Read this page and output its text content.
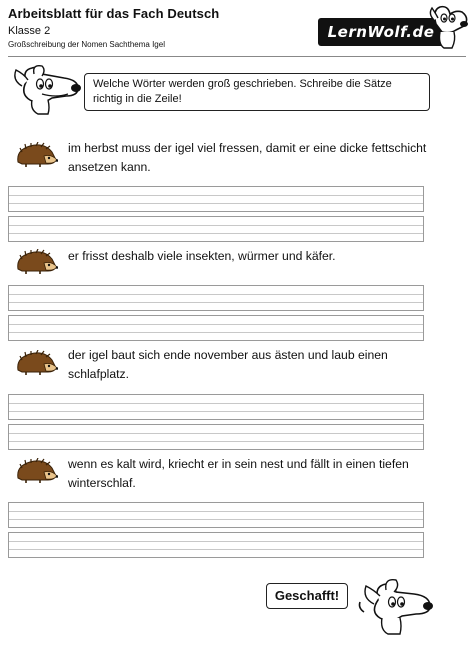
Arbeitsblatt für das Fach Deutsch
Klasse 2
Großschreibung der Nomen Sachthema Igel
LernWolf.de
Welche Wörter werden groß geschrieben. Schreibe die Sätze richtig in die Zeile!
im herbst muss der igel viel fressen, damit er eine dicke fettschicht ansetzen kann.
er frisst deshalb viele insekten, würmer und käfer.
der igel baut sich ende november aus ästen und laub einen schlafplatz.
wenn es kalt wird, kriecht er in sein nest und fällt in einen tiefen winterschlaf.
Geschafft!
